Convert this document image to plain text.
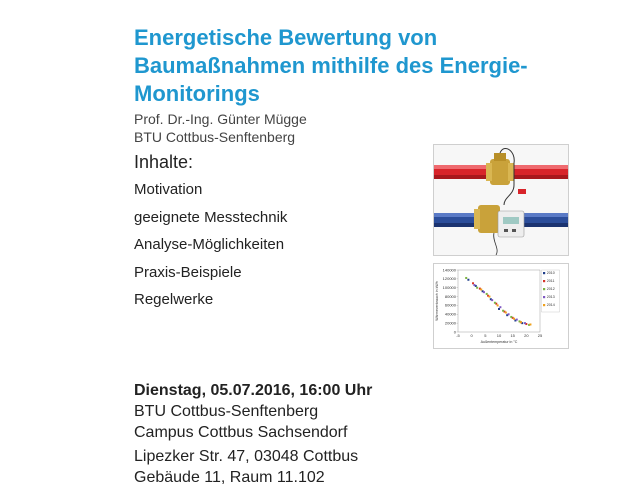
Energetische Bewertung von Baumaßnahmen mithilfe des Energie-Monitorings
Prof. Dr.-Ing. Günter Mügge
BTU Cottbus-Senftenberg
Inhalte:
Motivation
geeignete Messtechnik
Analyse-Möglichkeiten
Praxis-Beispiele
Regelwerke
-5	0	5	10 15 20 25
0
20000
40000
60000
80000
100000
120000
140000
Außentemperatur in °C
Wärmeverbrauch in kWh
2010
2011
2012
2013
2014
Dienstag, 05.07.2016, 16:00 Uhr
BTU Cottbus-Senftenberg
Campus Cottbus Sachsendorf
Lipezker Str. 47, 03048 Cottbus
Gebäude 11, Raum 11.102
